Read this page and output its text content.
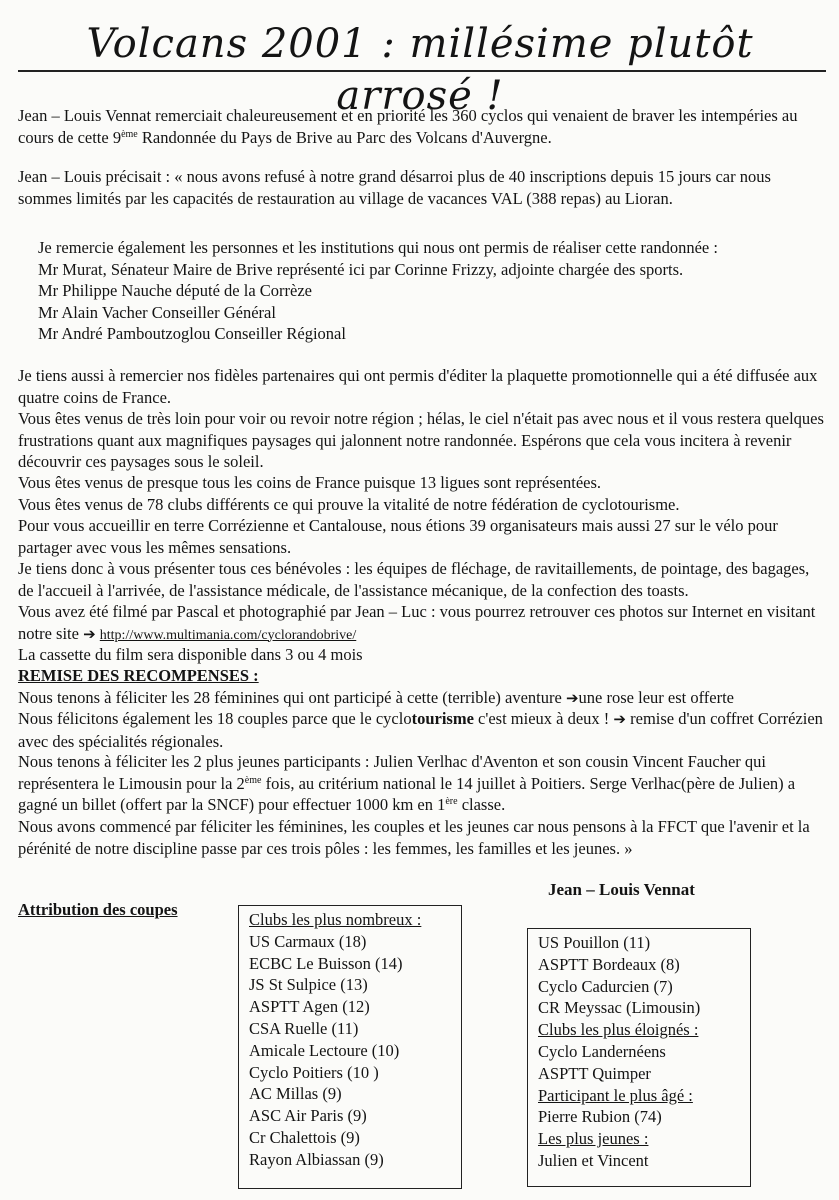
Volcans 2001 : millésime plutôt arrosé !

Jean – Louis Vennat remerciait chaleureusement et en priorité les 360 cyclos qui venaient de braver les intempéries au cours de cette 9ème Randonnée du Pays de Brive au Parc des Volcans d'Auvergne.

Jean – Louis précisait : « nous avons refusé à notre grand désarroi plus de 40 inscriptions depuis 15 jours car nous sommes limités par les capacités de restauration au village de vacances VAL (388 repas) au Lioran.

Je remercie également les personnes et les institutions qui nous ont permis de réaliser cette randonnée :

Mr Murat, Sénateur Maire de Brive représenté ici par Corinne Frizzy, adjointe chargée des sports.

Mr Philippe Nauche député de la Corrèze

Mr Alain Vacher Conseiller Général

Mr André Pamboutzoglou Conseiller Régional

Je tiens aussi à remercier nos fidèles partenaires qui ont permis d'éditer la plaquette promotionnelle qui a été diffusée aux quatre coins de France.

Vous êtes venus de très loin pour voir ou revoir notre région ; hélas, le ciel n'était pas avec nous et il vous restera quelques frustrations quant aux magnifiques paysages qui jalonnent notre randonnée. Espérons que cela vous incitera à revenir découvrir ces paysages sous le soleil.

Vous êtes venus de presque tous les coins de France puisque 13 ligues sont représentées.

Vous êtes venus de 78 clubs différents ce qui prouve la vitalité de notre fédération de cyclotourisme.

Pour vous accueillir en terre Corrézienne et Cantalouse, nous étions 39 organisateurs mais aussi 27 sur le vélo pour partager avec vous les mêmes sensations.

Je tiens donc à vous présenter tous ces bénévoles : les équipes de fléchage, de ravitaillements, de pointage, des bagages, de l'accueil à l'arrivée, de l'assistance médicale, de l'assistance mécanique, de la confection des toasts.

Vous avez été filmé par Pascal et photographié par Jean – Luc : vous pourrez retrouver ces photos sur Internet en visitant notre site ➔ http://www.multimania.com/cyclorandobrive/

La cassette du film sera disponible dans 3 ou 4 mois

REMISE DES RECOMPENSES :

Nous tenons à féliciter les 28 féminines qui ont participé à cette (terrible) aventure ➔une rose leur est offerte

Nous félicitons également les 18 couples parce que le cyclotourisme c'est mieux à deux ! ➔ remise d'un coffret Corrézien avec des spécialités régionales.

Nous tenons à féliciter les 2 plus jeunes participants : Julien Verlhac d'Aventon et son cousin Vincent Faucher qui représentera le Limousin pour la 2ème fois, au critérium national le 14 juillet à Poitiers. Serge Verlhac(père de Julien) a gagné un billet (offert par la SNCF) pour effectuer 1000 km en 1ère classe.

Nous avons commencé par féliciter les féminines, les couples et les jeunes car nous pensons à la FFCT que l'avenir et la pérénité de notre discipline passe par ces trois pôles : les femmes, les familles et les jeunes. »

Jean – Louis Vennat

Attribution des coupes

Clubs les plus nombreux :
US Carmaux (18)
ECBC Le Buisson (14)
JS St Sulpice (13)
ASPTT Agen (12)
CSA Ruelle (11)
Amicale Lectoure (10)
Cyclo Poitiers (10 )
AC Millas (9)
ASC Air Paris (9)
Cr Chalettois (9)
Rayon Albiassan (9)
US Pouillon (11)
ASPTT Bordeaux (8)
Cyclo Cadurcien (7)
CR Meyssac (Limousin)
Clubs les plus éloignés :
Cyclo Landernéens
ASPTT Quimper
Participant le plus âgé :
Pierre Rubion (74)
Les plus jeunes :
Julien et Vincent
